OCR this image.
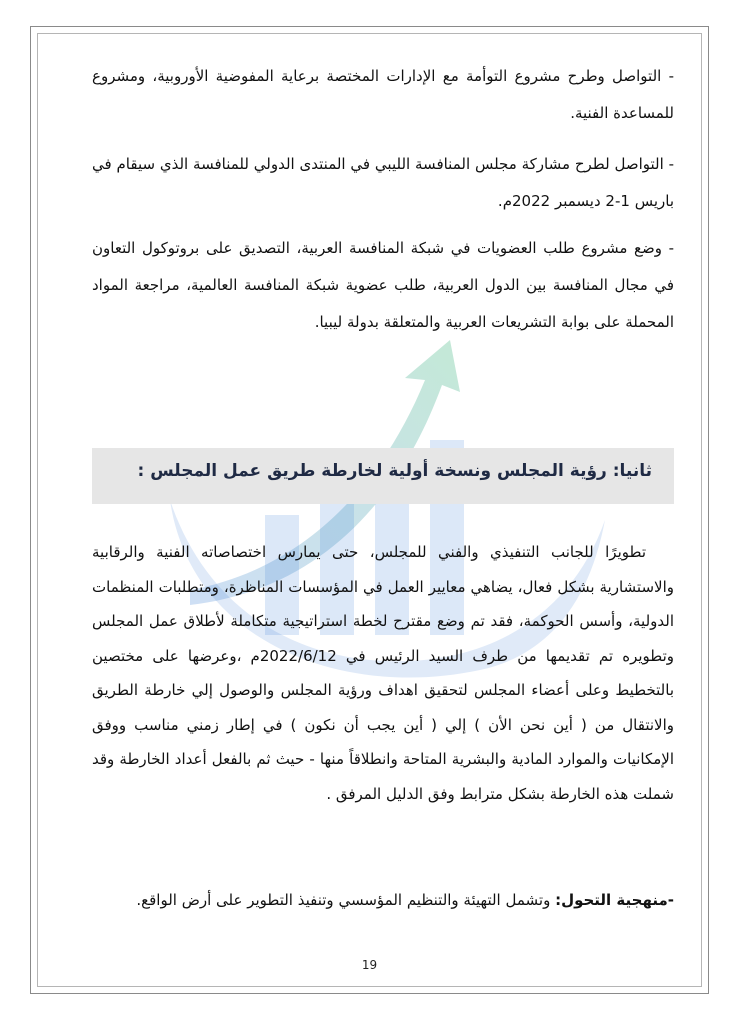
- التواصل وطرح مشروع التوأمة مع الإدارات المختصة برعاية المفوضية الأوروبية، ومشروع للمساعدة الفنية.
- التواصل لطرح مشاركة مجلس المنافسة الليبي في المنتدى الدولي للمنافسة الذي سيقام في باريس 1-2 ديسمبر 2022م.
- وضع مشروع طلب العضويات في شبكة المنافسة العربية، التصديق على بروتوكول التعاون في مجال المنافسة بين الدول العربية، طلب عضوية شبكة المنافسة العالمية، مراجعة المواد المحملة على بوابة التشريعات العربية والمتعلقة بدولة ليبيا.
ثانيا: رؤية المجلس ونسخة أولية لخارطة طريق عمل المجلس :
تطويرًا للجانب التنفيذي والفني للمجلس، حتى يمارس اختصاصاته الفنية والرقابية والاستشارية بشكل فعال، يضاهي معايير العمل في المؤسسات المناظرة، ومتطلبات المنظمات الدولية، وأسس الحوكمة، فقد تم وضع مقترح لخطة استراتيجية متكاملة لأطلاق عمل المجلس وتطويره تم تقديمها من طرف السيد الرئيس في 2022/6/12م ،وعرضها على مختصين بالتخطيط وعلى أعضاء المجلس لتحقيق اهداف ورؤية المجلس والوصول إلي خارطة الطريق والانتقال من ( أين نحن الأن ) إلي ( أين يجب أن نكون ) في إطار زمني مناسب ووفق الإمكانيات والموارد المادية والبشرية المتاحة وانطلاقاً منها - حيث ثم بالفعل أعداد الخارطة وقد شملت هذه الخارطة بشكل مترابط وفق الدليل المرفق .
-منهجية التحول: وتشمل التهيئة والتنظيم المؤسسي وتنفيذ التطوير على أرض الواقع.
19
